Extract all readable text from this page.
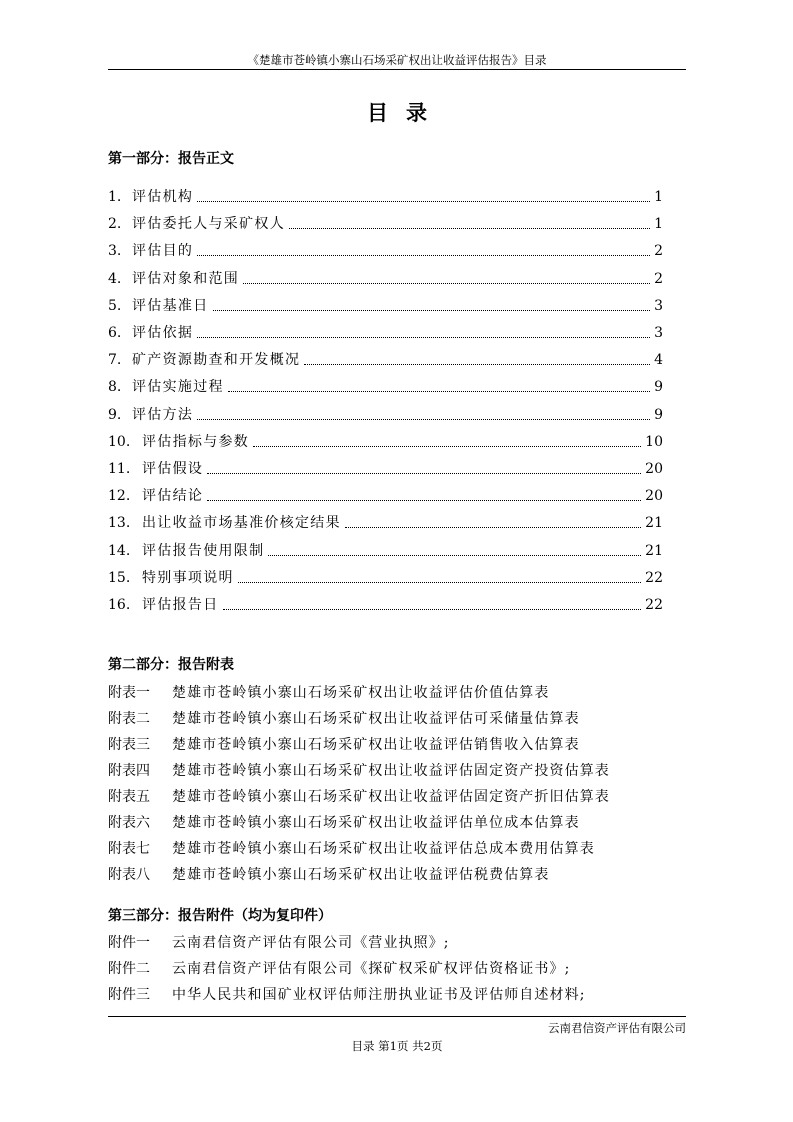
《楚雄市苍岭镇小寨山石场采矿权出让收益评估报告》目录
目录
第一部分：报告正文
1. 评估机构	1
2. 评估委托人与采矿权人	1
3. 评估目的	2
4. 评估对象和范围	2
5. 评估基准日	3
6. 评估依据	3
7. 矿产资源勘查和开发概况	4
8. 评估实施过程	9
9. 评估方法	9
10. 评估指标与参数	10
11. 评估假设	20
12. 评估结论	20
13. 出让收益市场基准价核定结果	21
14. 评估报告使用限制	21
15. 特别事项说明	22
16. 评估报告日	22
第二部分：报告附表
附表一 楚雄市苍岭镇小寨山石场采矿权出让收益评估价值估算表
附表二 楚雄市苍岭镇小寨山石场采矿权出让收益评估可采储量估算表
附表三 楚雄市苍岭镇小寨山石场采矿权出让收益评估销售收入估算表
附表四 楚雄市苍岭镇小寨山石场采矿权出让收益评估固定资产投资估算表
附表五 楚雄市苍岭镇小寨山石场采矿权出让收益评估固定资产折旧估算表
附表六 楚雄市苍岭镇小寨山石场采矿权出让收益评估单位成本估算表
附表七 楚雄市苍岭镇小寨山石场采矿权出让收益评估总成本费用估算表
附表八 楚雄市苍岭镇小寨山石场采矿权出让收益评估税费估算表
第三部分：报告附件（均为复印件）
附件一 云南君信资产评估有限公司《营业执照》;
附件二 云南君信资产评估有限公司《探矿权采矿权评估资格证书》;
附件三 中华人民共和国矿业权评估师注册执业证书及评估师自述材料;
云南君信资产评估有限公司
目录 第1页 共2页
